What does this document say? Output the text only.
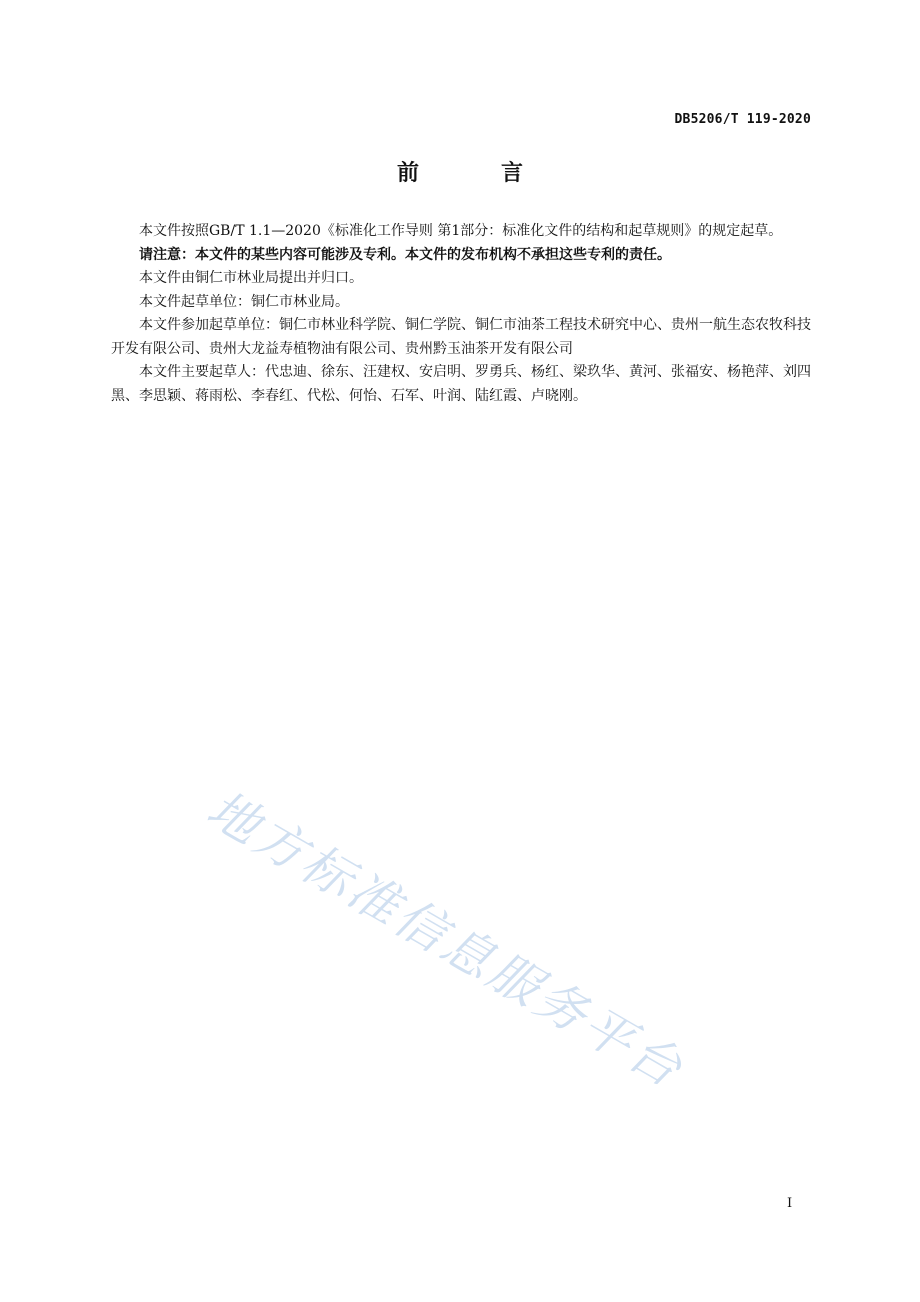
DB5206/T 119-2020
前　言

本文件按照GB/T 1.1—2020《标准化工作导则 第1部分：标准化文件的结构和起草规则》的规定起草。

请注意：本文件的某些内容可能涉及专利。本文件的发布机构不承担这些专利的责任。

本文件由铜仁市林业局提出并归口。

本文件起草单位：铜仁市林业局。

本文件参加起草单位：铜仁市林业科学院、铜仁学院、铜仁市油茶工程技术研究中心、贵州一航生态农牧科技开发有限公司、贵州大龙益寿植物油有限公司、贵州黔玉油茶开发有限公司

本文件主要起草人：代忠迪、徐东、汪建权、安启明、罗勇兵、杨红、梁玖华、黄河、张福安、杨艳萍、刘四黑、李思颖、蒋雨松、李春红、代松、何怡、石军、叶润、陆红霞、卢晓刚。

地方标准信息服务平台
I
